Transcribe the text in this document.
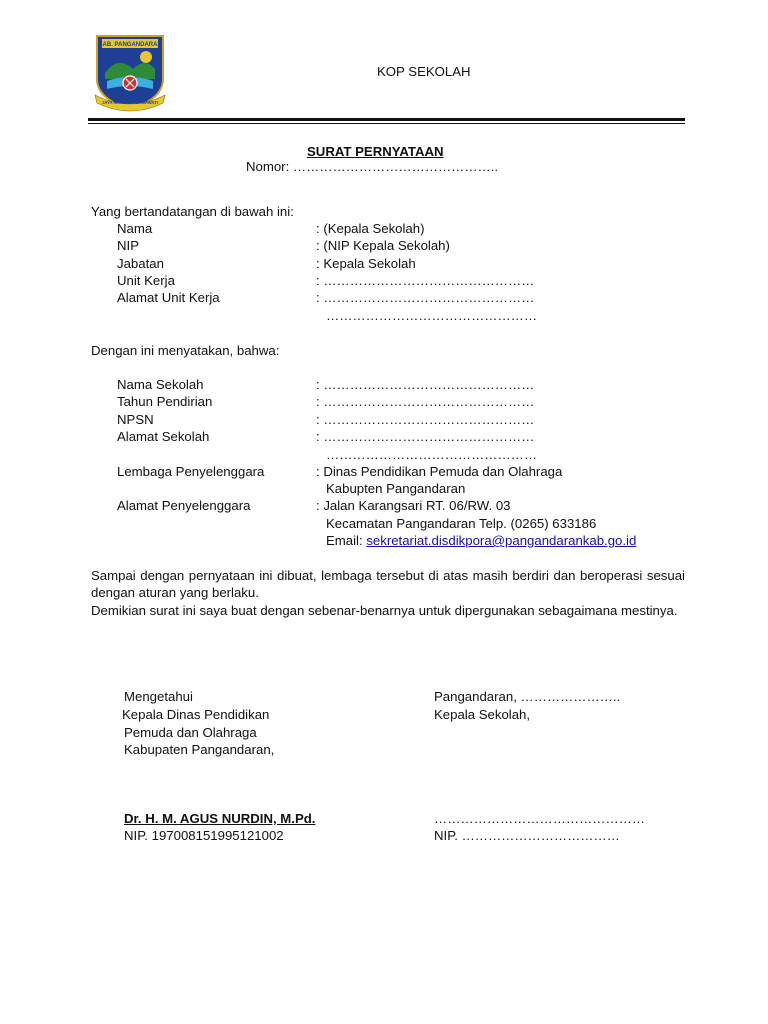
KAB. PANGANDARAN
JAYA MANDALA BAGAWATI
KOP SEKOLAH
SURAT PERNYATAAN
Nomor: ………………………………………..
Yang bertandatangan di bawah ini:
Nama	: (Kepala Sekolah)
NIP	: (NIP Kepala Sekolah)
Jabatan	: Kepala Sekolah
Unit Kerja	: …………………………………………
Alamat Unit Kerja	: …………………………………………
…………………………………………
Dengan ini menyatakan, bahwa:
Nama Sekolah	: …………………………………………
Tahun Pendirian	: …………………………………………
NPSN	: …………………………………………
Alamat Sekolah	: …………………………………………
…………………………………………
Lembaga Penyelenggara	: Dinas Pendidikan Pemuda dan Olahraga
Kabupten Pangandaran
Alamat Penyelenggara	: Jalan Karangsari RT. 06/RW. 03
Kecamatan Pangandaran Telp. (0265) 633186
Email: sekretariat.disdikpora@pangandarankab.go.id
Sampai dengan pernyataan ini dibuat, lembaga tersebut di atas masih berdiri dan beroperasi sesuai dengan aturan yang berlaku.
Demikian surat ini saya buat dengan sebenar-benarnya untuk dipergunakan sebagaimana mestinya.
Mengetahui
Kepala Dinas Pendidikan
Pemuda dan Olahraga
Kabupaten Pangandaran,
Dr. H. M. AGUS NURDIN, M.Pd.
NIP. 197008151995121002
Pangandaran, …………………..
Kepala Sekolah,
…………………………………………
NIP. ………………………………
